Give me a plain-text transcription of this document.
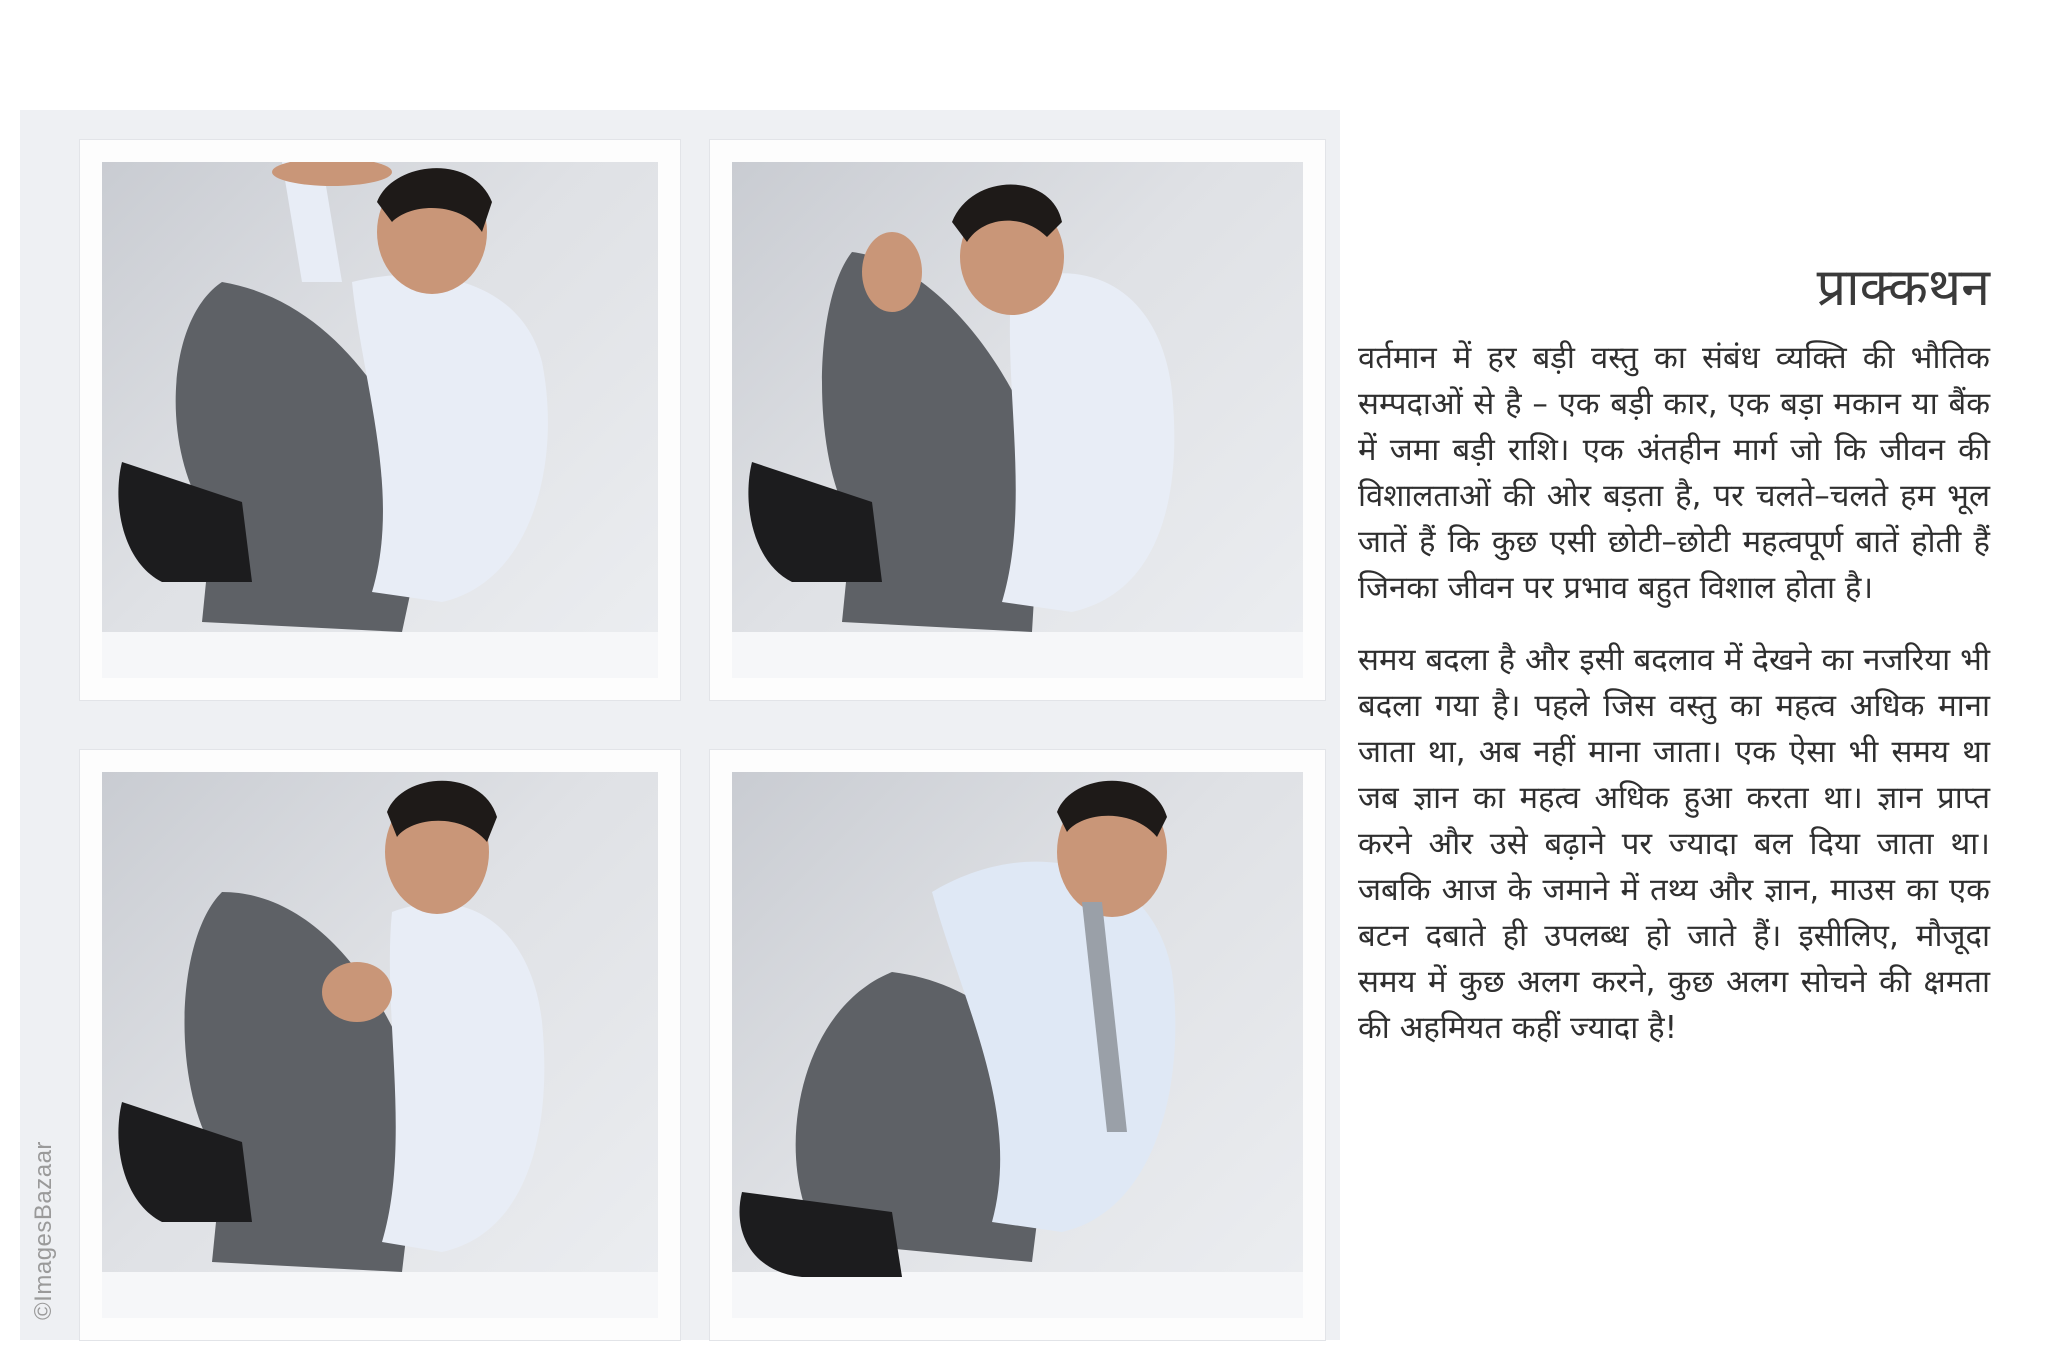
©ImagesBazaar
प्राक्कथन

वर्तमान में हर बड़ी वस्तु का संबंध व्यक्ति की भौतिक सम्पदाओं से है – एक बड़ी कार, एक बड़ा मकान या बैंक में जमा बड़ी राशि। एक अंतहीन मार्ग जो कि जीवन की विशालताओं की ओर बड़ता है, पर चलते–चलते हम भूल जातें हैं कि कुछ एसी छोटी–छोटी महत्वपूर्ण बातें होती हैं जिनका जीवन पर प्रभाव बहुत विशाल होता है।

समय बदला है और इसी बदलाव में देखने का नजरिया भी बदला गया है। पहले जिस वस्तु का महत्व अधिक माना जाता था, अब नहीं माना जाता। एक ऐसा भी समय था जब ज्ञान का महत्व अधिक हुआ करता था। ज्ञान प्राप्त करने और उसे बढ़ाने पर ज्यादा बल दिया जाता था। जबकि आज के जमाने में तथ्य और ज्ञान, माउस का एक बटन दबाते ही उपलब्ध हो जाते हैं। इसीलिए, मौजूदा समय में कुछ अलग करने, कुछ अलग सोचने की क्षमता की अहमियत कहीं ज्यादा है!
